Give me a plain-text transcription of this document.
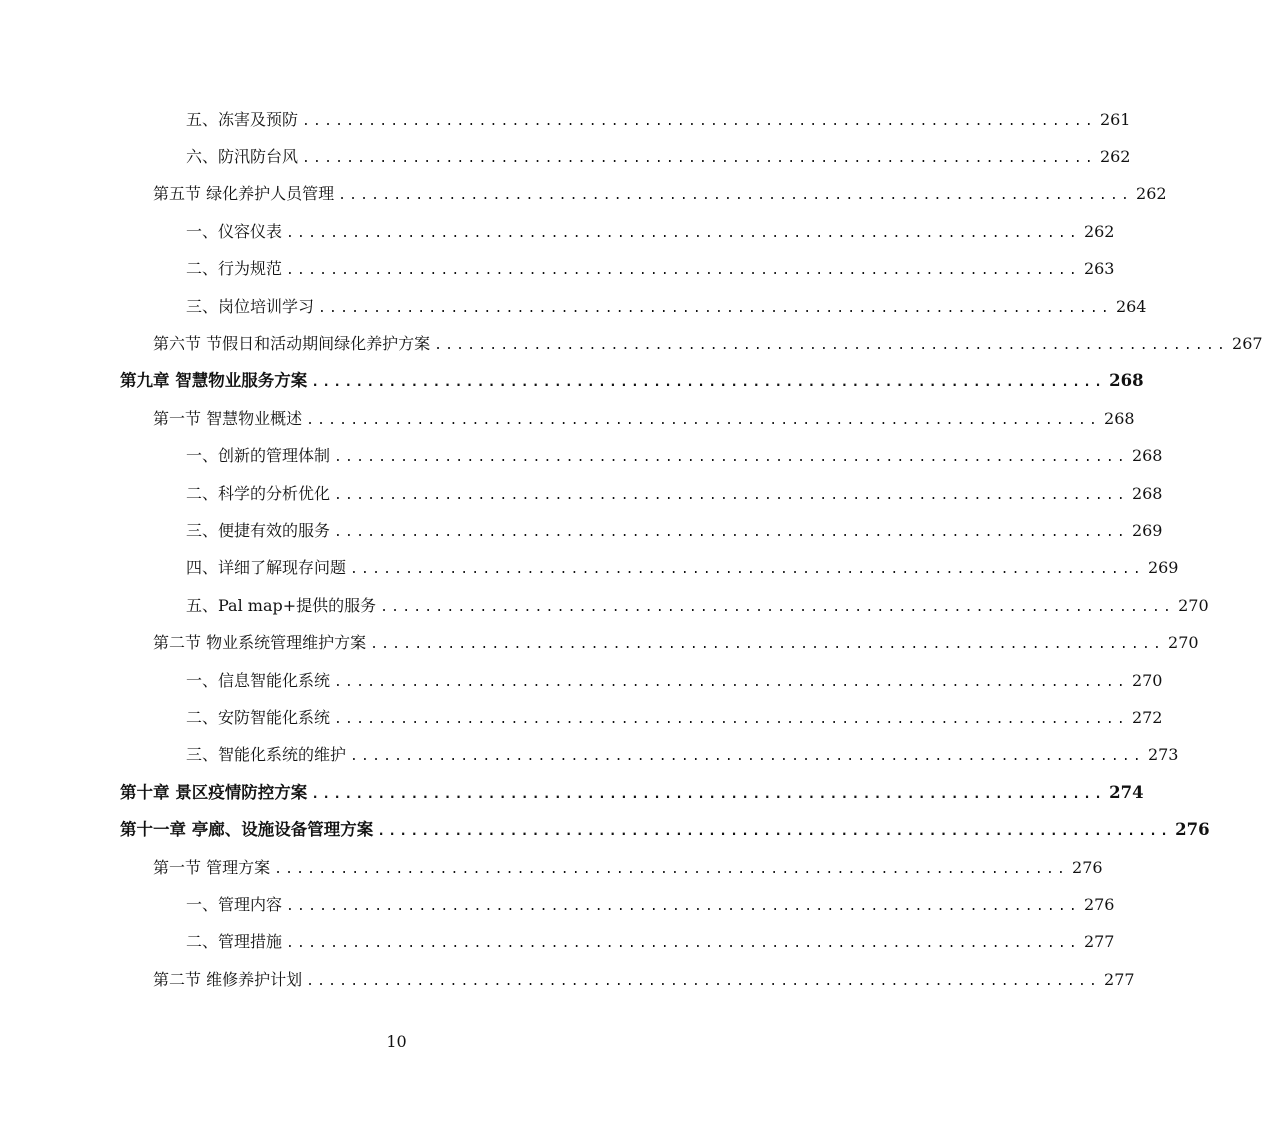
五、冻害及预防 ........................................................................ 261
六、防汛防台风 ........................................................................ 262
第五节 绿化养护人员管理 ........................................................................ 262
一、仪容仪表 ........................................................................ 262
二、行为规范 ........................................................................ 263
三、岗位培训学习 ........................................................................ 264
第六节 节假日和活动期间绿化养护方案 ........................................................................ 267
第九章 智慧物业服务方案 ........................................................................ 268
第一节 智慧物业概述 ........................................................................ 268
一、创新的管理体制 ........................................................................ 268
二、科学的分析优化 ........................................................................ 268
三、便捷有效的服务 ........................................................................ 269
四、详细了解现存问题 ........................................................................ 269
五、Pal map+提供的服务 ........................................................................ 270
第二节 物业系统管理维护方案 ........................................................................ 270
一、信息智能化系统 ........................................................................ 270
二、安防智能化系统 ........................................................................ 272
三、智能化系统的维护 ........................................................................ 273
第十章 景区疫情防控方案 ........................................................................ 274
第十一章 亭廊、设施设备管理方案 ........................................................................ 276
第一节 管理方案 ........................................................................ 276
一、管理内容 ........................................................................ 276
二、管理措施 ........................................................................ 277
第二节 维修养护计划 ........................................................................ 277
10
